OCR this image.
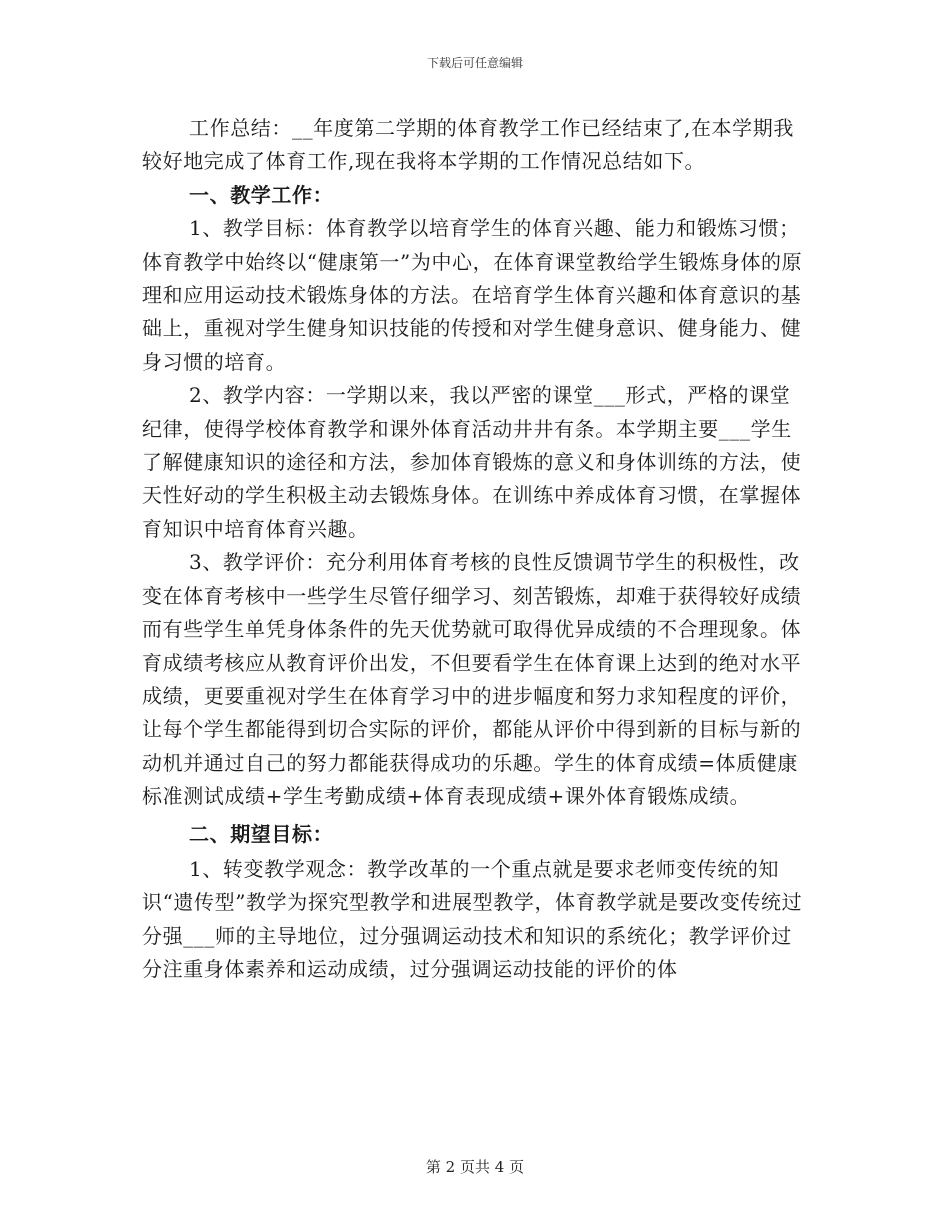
下载后可任意编辑

工作总结：__年度第二学期的体育教学工作已经结束了,在本学期我较好地完成了体育工作,现在我将本学期的工作情况总结如下。

一、教学工作：

1、教学目标：体育教学以培育学生的体育兴趣、能力和锻炼习惯；体育教学中始终以“健康第一”为中心，在体育课堂教给学生锻炼身体的原理和应用运动技术锻炼身体的方法。在培育学生体育兴趣和体育意识的基础上，重视对学生健身知识技能的传授和对学生健身意识、健身能力、健身习惯的培育。

2、教学内容：一学期以来，我以严密的课堂___形式，严格的课堂纪律，使得学校体育教学和课外体育活动井井有条。本学期主要___学生了解健康知识的途径和方法，参加体育锻炼的意义和身体训练的方法，使天性好动的学生积极主动去锻炼身体。在训练中养成体育习惯，在掌握体育知识中培育体育兴趣。

3、教学评价：充分利用体育考核的良性反馈调节学生的积极性，改变在体育考核中一些学生尽管仔细学习、刻苦锻炼，却难于获得较好成绩而有些学生单凭身体条件的先天优势就可取得优异成绩的不合理现象。体育成绩考核应从教育评价出发，不但要看学生在体育课上达到的绝对水平成绩，更要重视对学生在体育学习中的进步幅度和努力求知程度的评价，让每个学生都能得到切合实际的评价，都能从评价中得到新的目标与新的动机并通过自己的努力都能获得成功的乐趣。学生的体育成绩=体质健康标准测试成绩+学生考勤成绩+体育表现成绩+课外体育锻炼成绩。

二、期望目标：

1、转变教学观念：教学改革的一个重点就是要求老师变传统的知识“遗传型”教学为探究型教学和进展型教学，体育教学就是要改变传统过分强___师的主导地位，过分强调运动技术和知识的系统化；教学评价过分注重身体素养和运动成绩，过分强调运动技能的评价的体

第 2 页共 4 页
